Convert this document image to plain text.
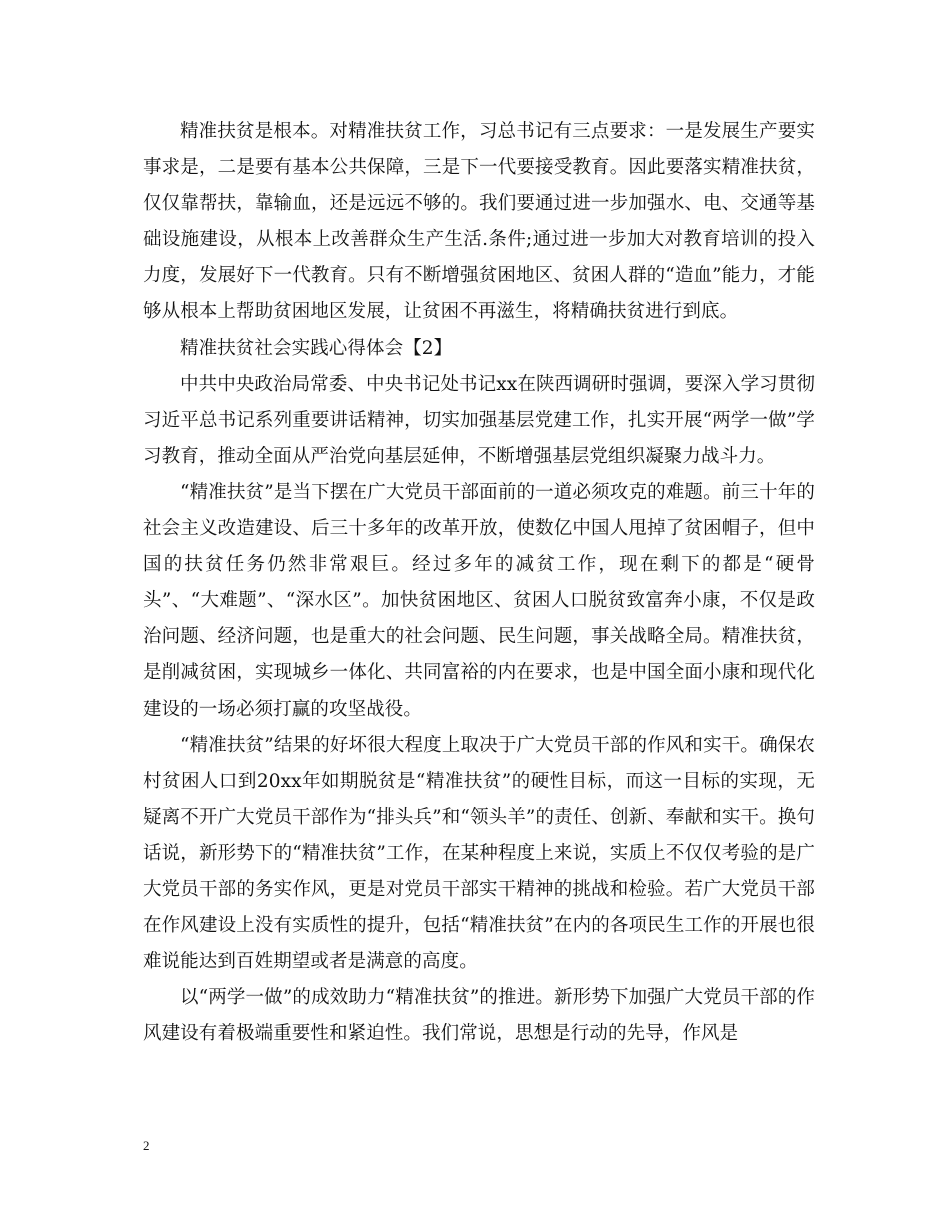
精准扶贫是根本。对精准扶贫工作，习总书记有三点要求：一是发展生产要实事求是，二是要有基本公共保障，三是下一代要接受教育。因此要落实精准扶贫，仅仅靠帮扶，靠输血，还是远远不够的。我们要通过进一步加强水、电、交通等基础设施建设，从根本上改善群众生产生活.条件;通过进一步加大对教育培训的投入力度，发展好下一代教育。只有不断增强贫困地区、贫困人群的“造血”能力，才能够从根本上帮助贫困地区发展，让贫困不再滋生，将精确扶贫进行到底。

精准扶贫社会实践心得体会【2】

中共中央政治局常委、中央书记处书记xx在陕西调研时强调，要深入学习贯彻习近平总书记系列重要讲话精神，切实加强基层党建工作，扎实开展“两学一做”学习教育，推动全面从严治党向基层延伸，不断增强基层党组织凝聚力战斗力。

“精准扶贫”是当下摆在广大党员干部面前的一道必须攻克的难题。前三十年的社会主义改造建设、后三十多年的改革开放，使数亿中国人甩掉了贫困帽子，但中国的扶贫任务仍然非常艰巨。经过多年的减贫工作，现在剩下的都是“硬骨头”、“大难题”、“深水区”。加快贫困地区、贫困人口脱贫致富奔小康，不仅是政治问题、经济问题，也是重大的社会问题、民生问题，事关战略全局。精准扶贫，是削减贫困，实现城乡一体化、共同富裕的内在要求，也是中国全面小康和现代化建设的一场必须打赢的攻坚战役。

“精准扶贫”结果的好坏很大程度上取决于广大党员干部的作风和实干。确保农村贫困人口到20xx年如期脱贫是“精准扶贫”的硬性目标，而这一目标的实现，无疑离不开广大党员干部作为“排头兵”和“领头羊”的责任、创新、奉献和实干。换句话说，新形势下的“精准扶贫”工作，在某种程度上来说，实质上不仅仅考验的是广大党员干部的务实作风，更是对党员干部实干精神的挑战和检验。若广大党员干部在作风建设上没有实质性的提升，包括“精准扶贫”在内的各项民生工作的开展也很难说能达到百姓期望或者是满意的高度。

以“两学一做”的成效助力“精准扶贫”的推进。新形势下加强广大党员干部的作风建设有着极端重要性和紧迫性。我们常说，思想是行动的先导，作风是

2
